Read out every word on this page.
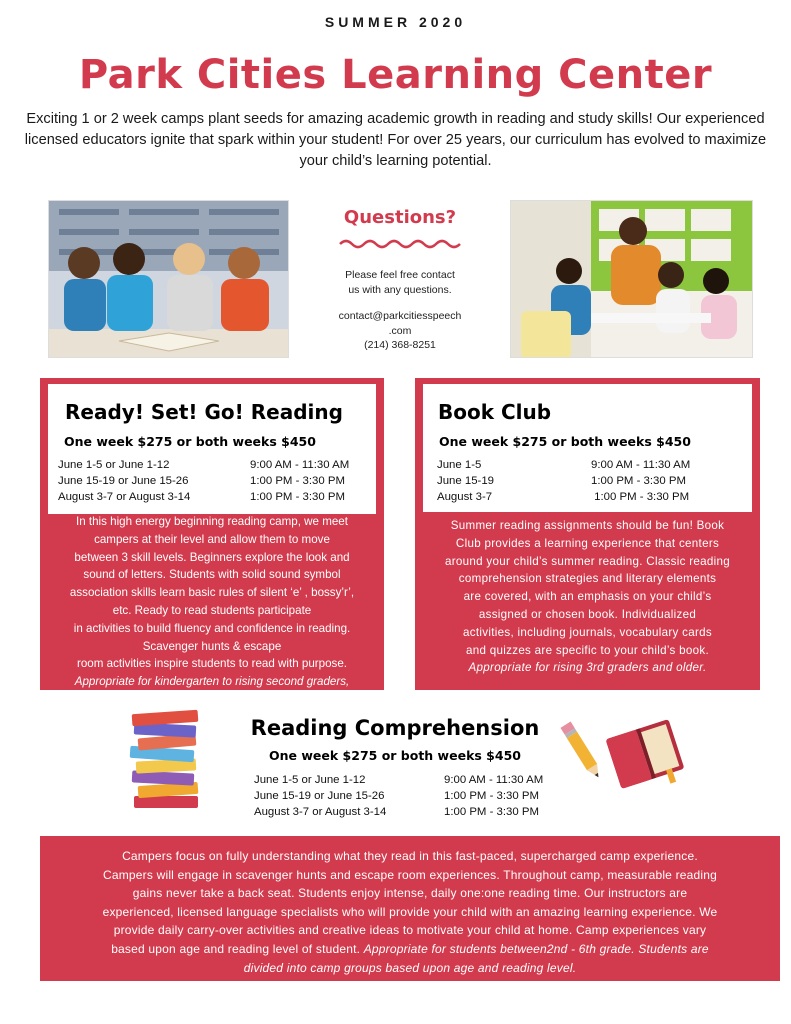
SUMMER 2020
Park Cities Learning Center
Exciting 1 or 2 week camps plant seeds for amazing academic growth in reading and study skills! Our experienced licensed educators ignite that spark within your student! For over 25 years, our curriculum has evolved to maximize your child’s learning potential.
Questions?
Please feel free contact
us with any questions.
contact@parkcitiesspeech
.com
(214) 368-8251
Ready! Set! Go! Reading
One week $275 or both weeks $450
June 1-5 or June 1-12	9:00 AM - 11:30 AM
June 15-19 or June 15-26	1:00 PM - 3:30 PM
August 3-7 or August 3-14	1:00 PM - 3:30 PM
In this high energy beginning reading camp, we meet
campers at their level and allow them to move
between 3 skill levels. Beginners explore the look and
sound of letters. Students with solid sound symbol
association skills learn basic rules of silent ‘e’ , bossy’r’,
etc. Ready to read students participate
in activities to build fluency and confidence in reading.
Scavenger hunts & escape
room activities inspire students to read with purpose.
Appropriate for kindergarten to rising second graders,
Book Club
One week $275 or both weeks $450
June 1-5	9:00 AM - 11:30 AM
June 15-19	1:00 PM - 3:30 PM
August 3-7	1:00 PM - 3:30 PM
Summer reading assignments should be fun! Book
Club provides a learning experience that centers
around your child’s summer reading. Classic reading
comprehension strategies and literary elements
are covered, with an emphasis on your child’s
assigned or chosen book. Individualized
activities, including journals, vocabulary cards
and quizzes are specific to your child’s book.
Appropriate for rising 3rd graders and older.
Reading Comprehension
One week $275 or both weeks $450
June 1-5 or June 1-12	9:00 AM - 11:30 AM
June 15-19 or June 15-26	1:00 PM - 3:30 PM
August 3-7 or August 3-14	1:00 PM - 3:30 PM
Campers focus on fully understanding what they read in this fast-paced, supercharged camp experience.
Campers will engage in scavenger hunts and escape room experiences. Throughout camp, measurable reading
gains never take a back seat. Students enjoy intense, daily one:one reading time. Our instructors are
experienced, licensed language specialists who will provide your child with an amazing learning experience. We
provide daily carry-over activities and creative ideas to motivate your child at home. Camp experiences vary
based upon age and reading level of student. Appropriate for students between2nd - 6th grade. Students are
divided into camp groups based upon age and reading level.
